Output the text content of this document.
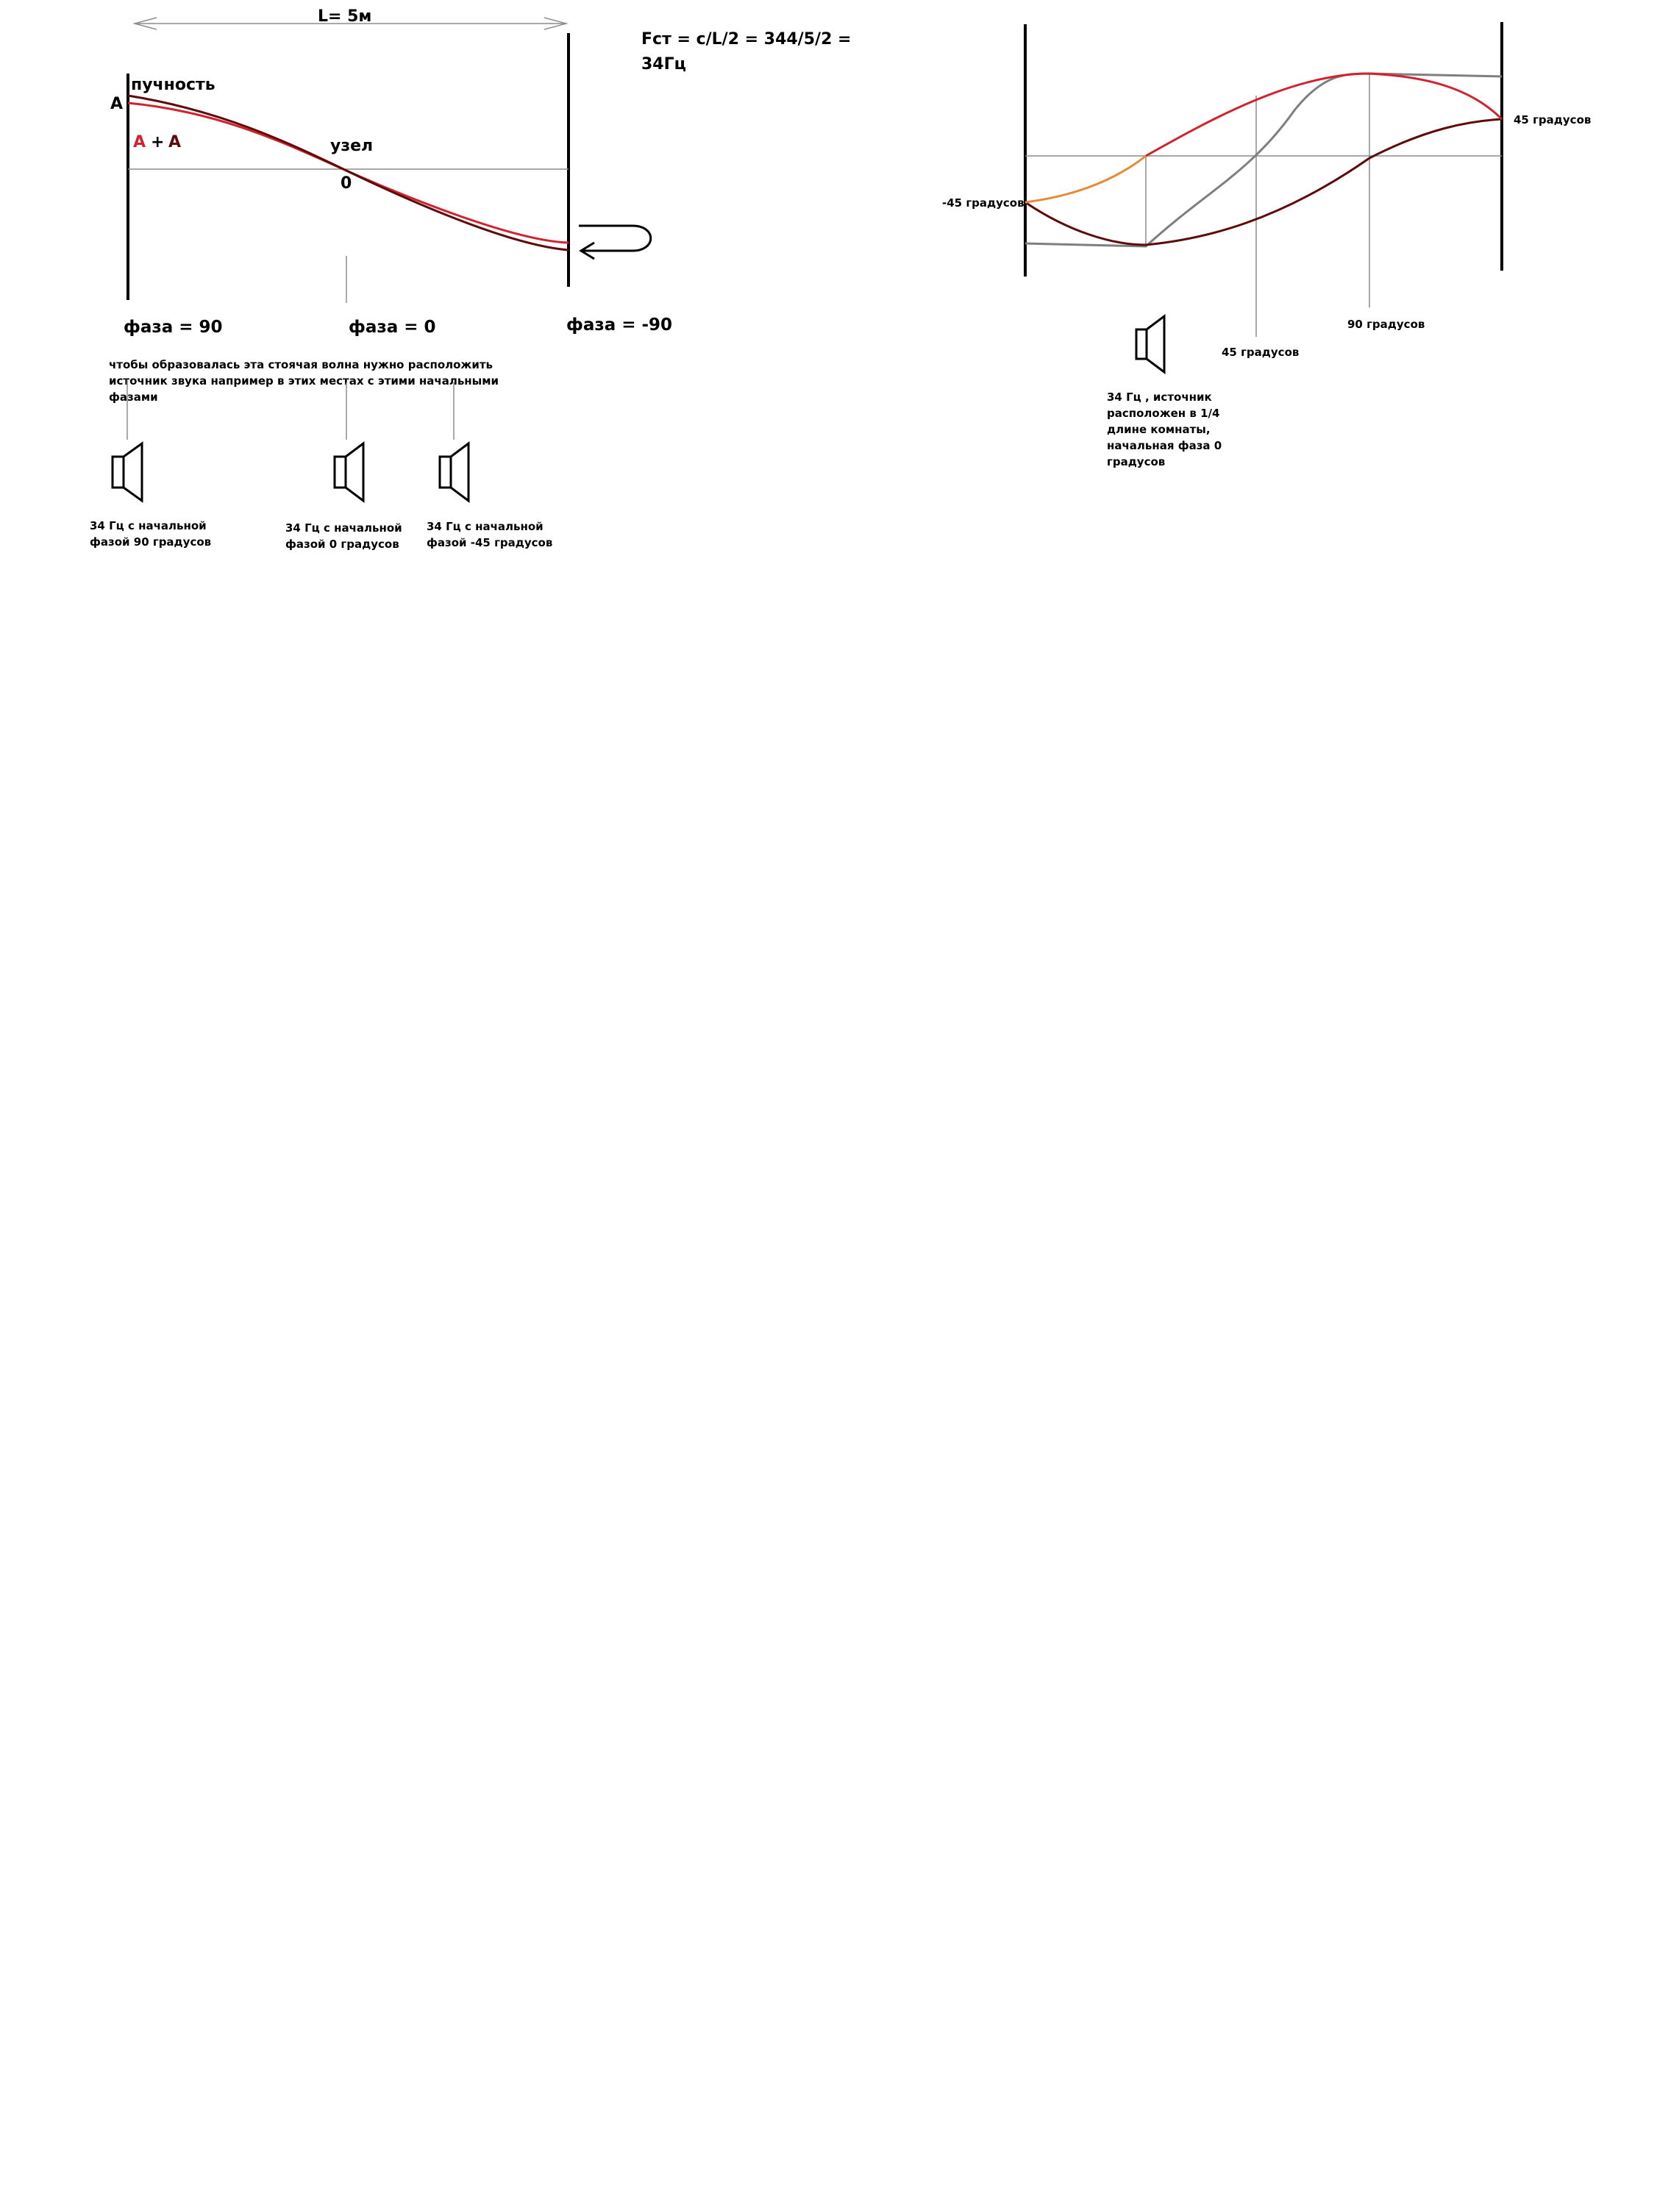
L= 5м
Fст = c/L/2 = 344/5/2 =
34Гц
пучность
A
A + A	узел
0
фаза = 90	фаза = 0	фаза = -90
чтобы образовалась эта стоячая волна нужно расположить
источник звука например в этих местах с этими начальными
фазами
34 Гц с начальной
фазой 90 градусов
34 Гц с начальной
фазой 0 градусов
34 Гц с начальной
фазой -45 градусов
-45 градусов
45 градусов
45 градусов
90 градусов
34 Гц , источник
расположен в 1/4
длине комнаты,
начальная фаза 0
градусов
